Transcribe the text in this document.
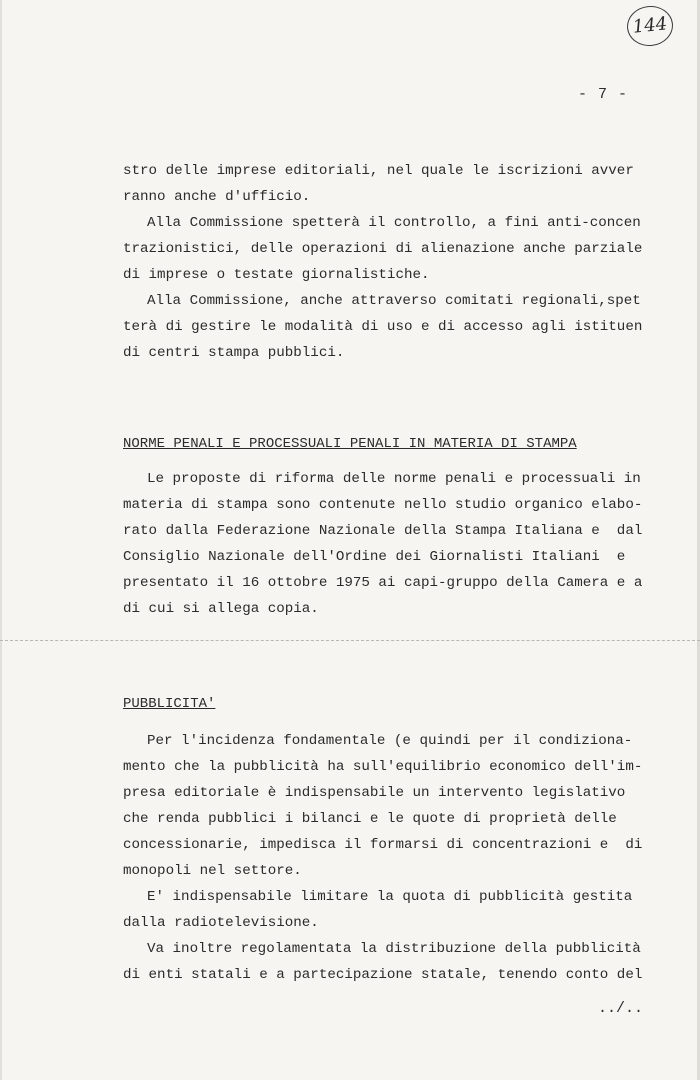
144
- 7 -
stro delle imprese editoriali, nel quale le iscrizioni avver
ranno anche d'ufficio.
Alla Commissione spetterà il controllo, a fini anti-concen
trazionistici, delle operazioni di alienazione anche parziale
di imprese o testate giornalistiche.
Alla Commissione, anche attraverso comitati regionali,spet
terà di gestire le modalità di uso e di accesso agli istituen
di centri stampa pubblici.
NORME PENALI E PROCESSUALI PENALI IN MATERIA DI STAMPA
Le proposte di riforma delle norme penali e processuali in
materia di stampa sono contenute nello studio organico elabo-
rato dalla Federazione Nazionale della Stampa Italiana e  dal
Consiglio Nazionale dell'Ordine dei Giornalisti Italiani  e
presentato il 16 ottobre 1975 ai capi-gruppo della Camera e a
di cui si allega copia.
PUBBLICITA'
Per l'incidenza fondamentale (e quindi per il condiziona-
mento che la pubblicità ha sull'equilibrio economico dell'im-
presa editoriale è indispensabile un intervento legislativo
che renda pubblici i bilanci e le quote di proprietà delle
concessionarie, impedisca il formarsi di concentrazioni e  di
monopoli nel settore.
E' indispensabile limitare la quota di pubblicità gestita
dalla radiotelevisione.
Va inoltre regolamentata la distribuzione della pubblicità
di enti statali e a partecipazione statale, tenendo conto del
../..
